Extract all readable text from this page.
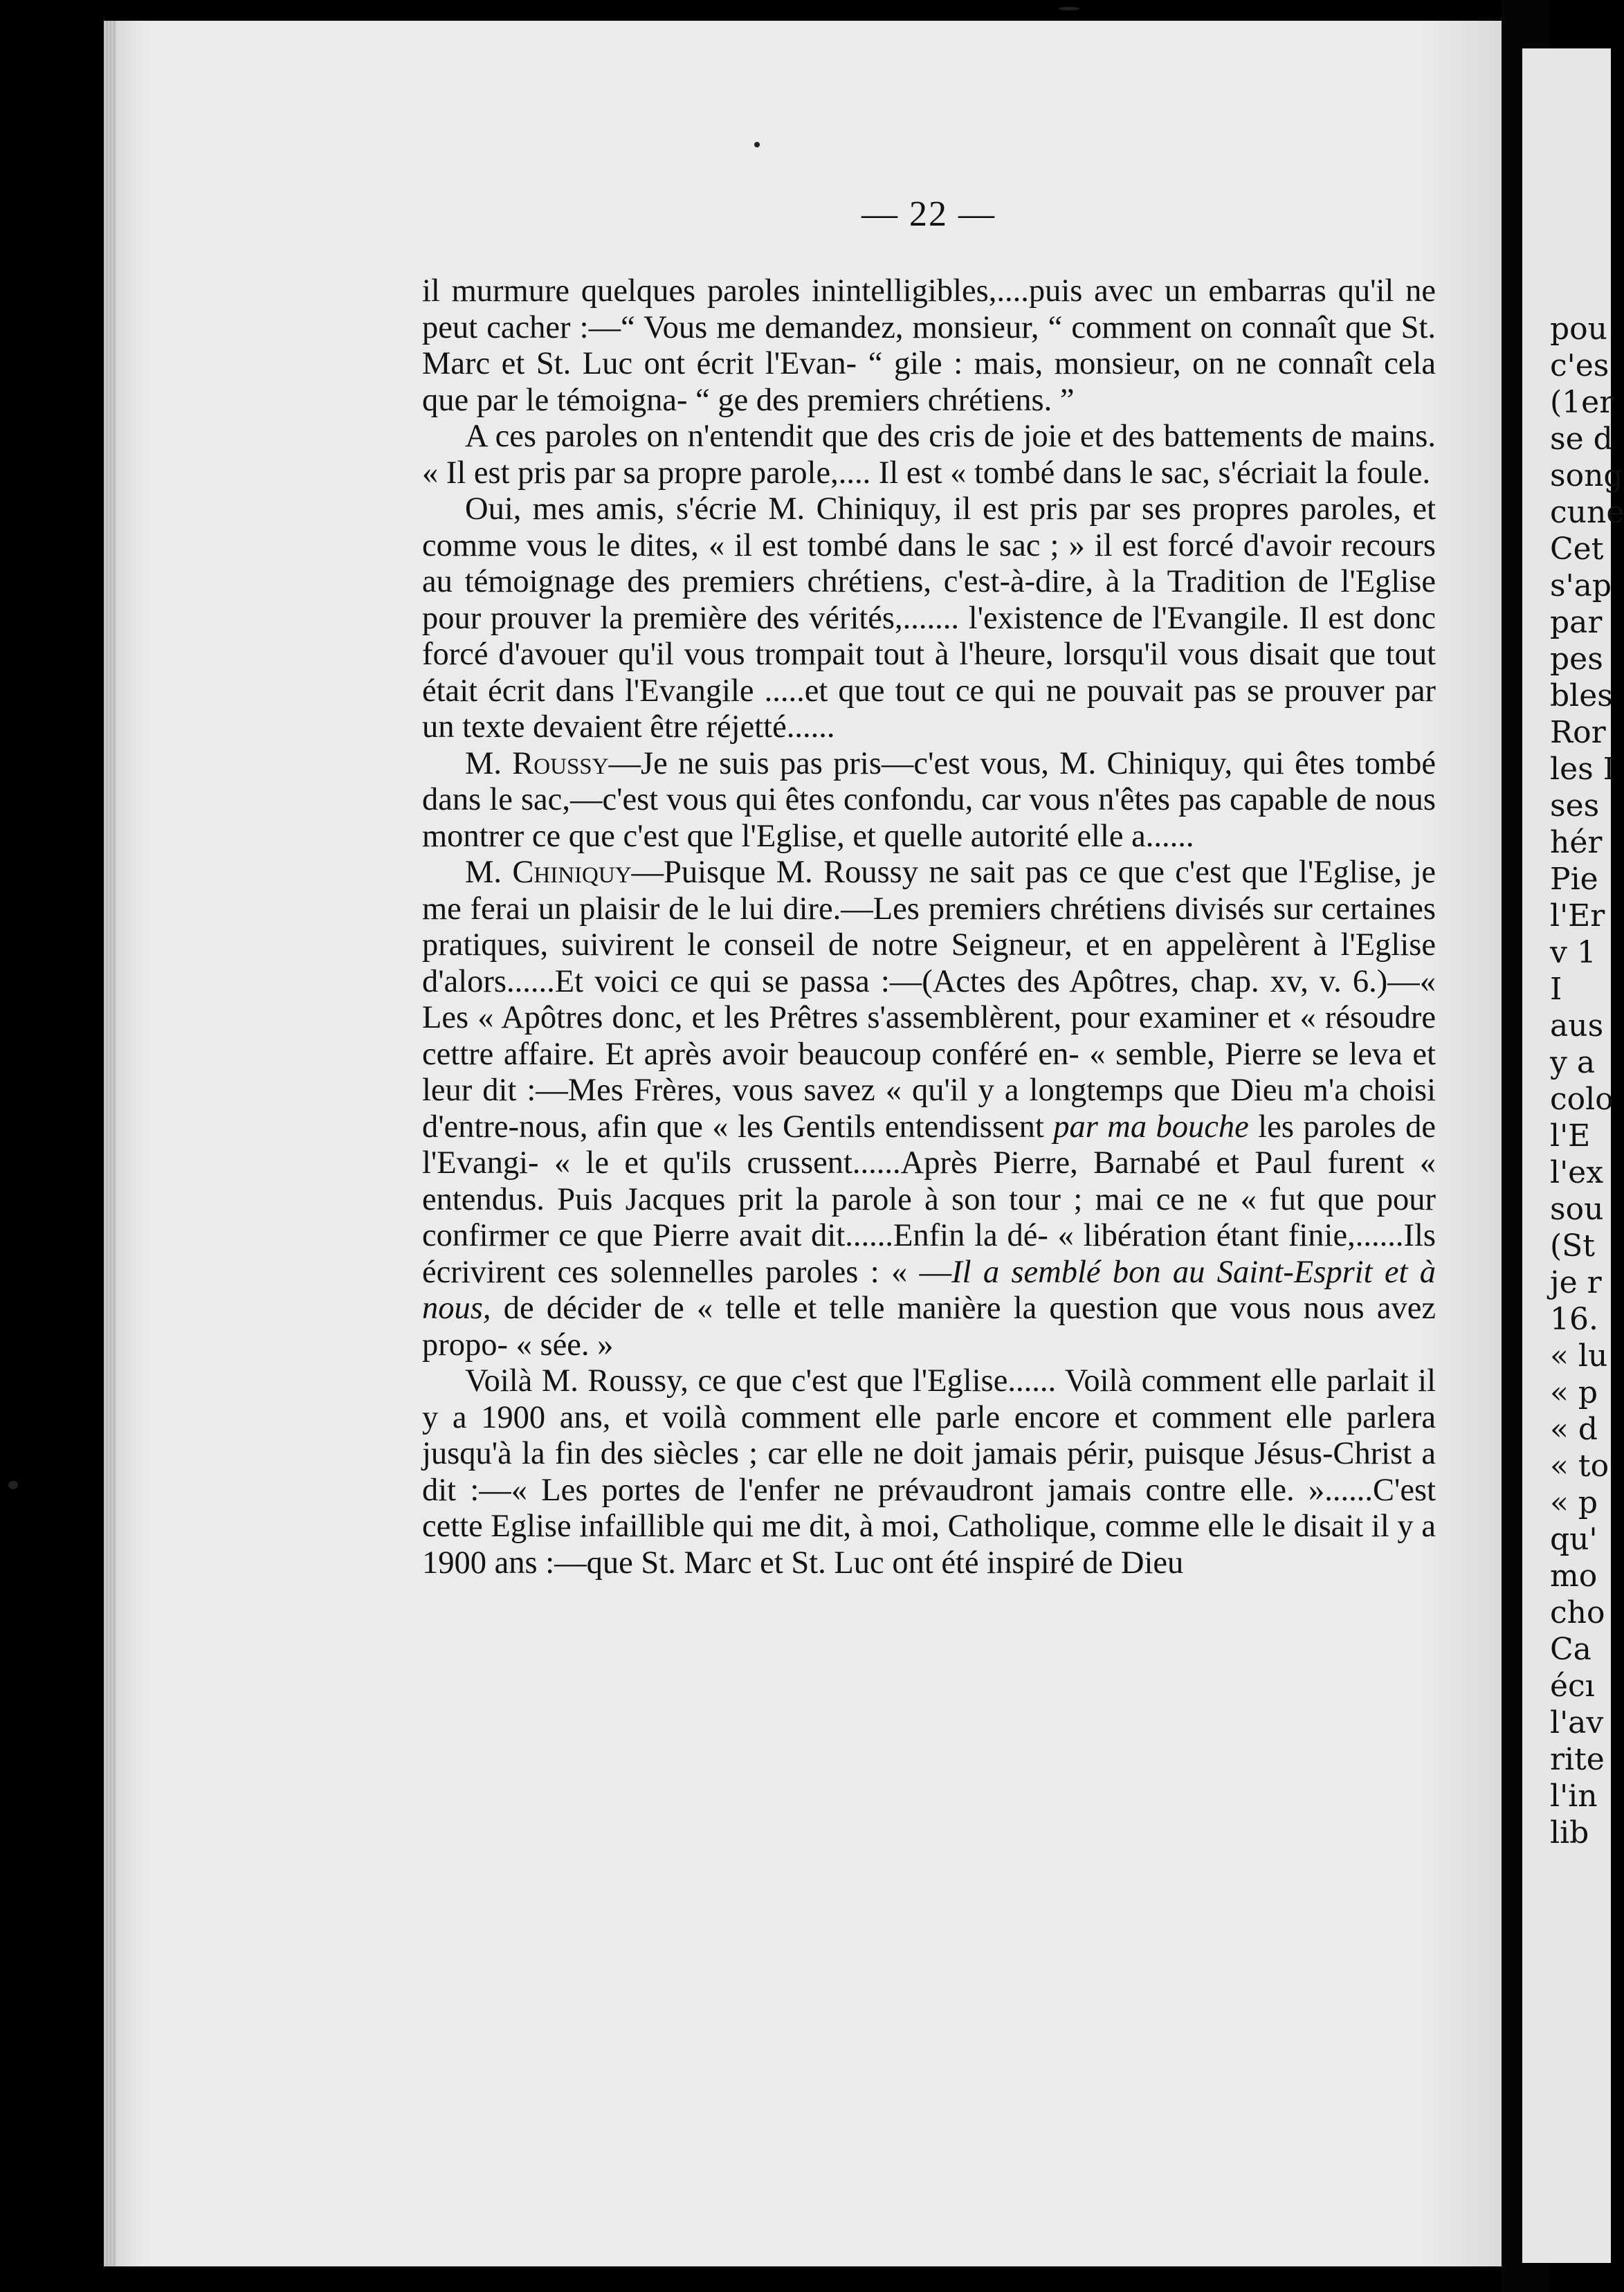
pou
c'es
(1er
se d
song
cune
Cet
s'ap
par
pes
bles
Ror
les I
ses
hér
Pie
l'Er
v 1
I
aus
y a
colo
l'E
l'ex
sou
(St
je r
16.
« lu
« p
« d
« to
« p
qu'
mo
cho
Ca
écı
l'av
rite
l'in
lib
— 22 —

il murmure quelques paroles inintelligibles,....puis avec un embarras qu'il ne peut cacher :—“ Vous me demandez, monsieur, “ comment on connaît que St. Marc et St. Luc ont écrit l'Evan- “ gile : mais, monsieur, on ne connaît cela que par le témoigna- “ ge des premiers chrétiens. ”

A ces paroles on n'entendit que des cris de joie et des battements de mains. « Il est pris par sa propre parole,.... Il est « tombé dans le sac, s'écriait la foule.

Oui, mes amis, s'écrie M. Chiniquy, il est pris par ses propres paroles, et comme vous le dites, « il est tombé dans le sac ; » il est forcé d'avoir recours au témoignage des premiers chrétiens, c'est-à-dire, à la Tradition de l'Eglise pour prouver la première des vérités,....... l'existence de l'Evangile. Il est donc forcé d'avouer qu'il vous trompait tout à l'heure, lorsqu'il vous disait que tout était écrit dans l'Evangile .....et que tout ce qui ne pouvait pas se prouver par un texte devaient être réjetté......

M. Roussy—Je ne suis pas pris—c'est vous, M. Chiniquy, qui êtes tombé dans le sac,—c'est vous qui êtes confondu, car vous n'êtes pas capable de nous montrer ce que c'est que l'Eglise, et quelle autorité elle a......

M. Chiniquy—Puisque M. Roussy ne sait pas ce que c'est que l'Eglise, je me ferai un plaisir de le lui dire.—Les premiers chrétiens divisés sur certaines pratiques, suivirent le conseil de notre Seigneur, et en appelèrent à l'Eglise d'alors......Et voici ce qui se passa :—(Actes des Apôtres, chap. xv, v. 6.)—« Les « Apôtres donc, et les Prêtres s'assemblèrent, pour examiner et « résoudre cettre affaire. Et après avoir beaucoup conféré en- « semble, Pierre se leva et leur dit :—Mes Frères, vous savez « qu'il y a longtemps que Dieu m'a choisi d'entre-nous, afin que « les Gentils entendissent par ma bouche les paroles de l'Evangi- « le et qu'ils crussent......Après Pierre, Barnabé et Paul furent « entendus. Puis Jacques prit la parole à son tour ; mai ce ne « fut que pour confirmer ce que Pierre avait dit......Enfin la dé- « libération étant finie,......Ils écrivirent ces solennelles paroles : « —Il a semblé bon au Saint-Esprit et à nous, de décider de « telle et telle manière la question que vous nous avez propo- « sée. »

Voilà M. Roussy, ce que c'est que l'Eglise...... Voilà comment elle parlait il y a 1900 ans, et voilà comment elle parle encore et comment elle parlera jusqu'à la fin des siècles ; car elle ne doit jamais périr, puisque Jésus-Christ a dit :—« Les portes de l'enfer ne prévaudront jamais contre elle. »......C'est cette Eglise infaillible qui me dit, à moi, Catholique, comme elle le disait il y a 1900 ans :—que St. Marc et St. Luc ont été inspiré de Dieu
